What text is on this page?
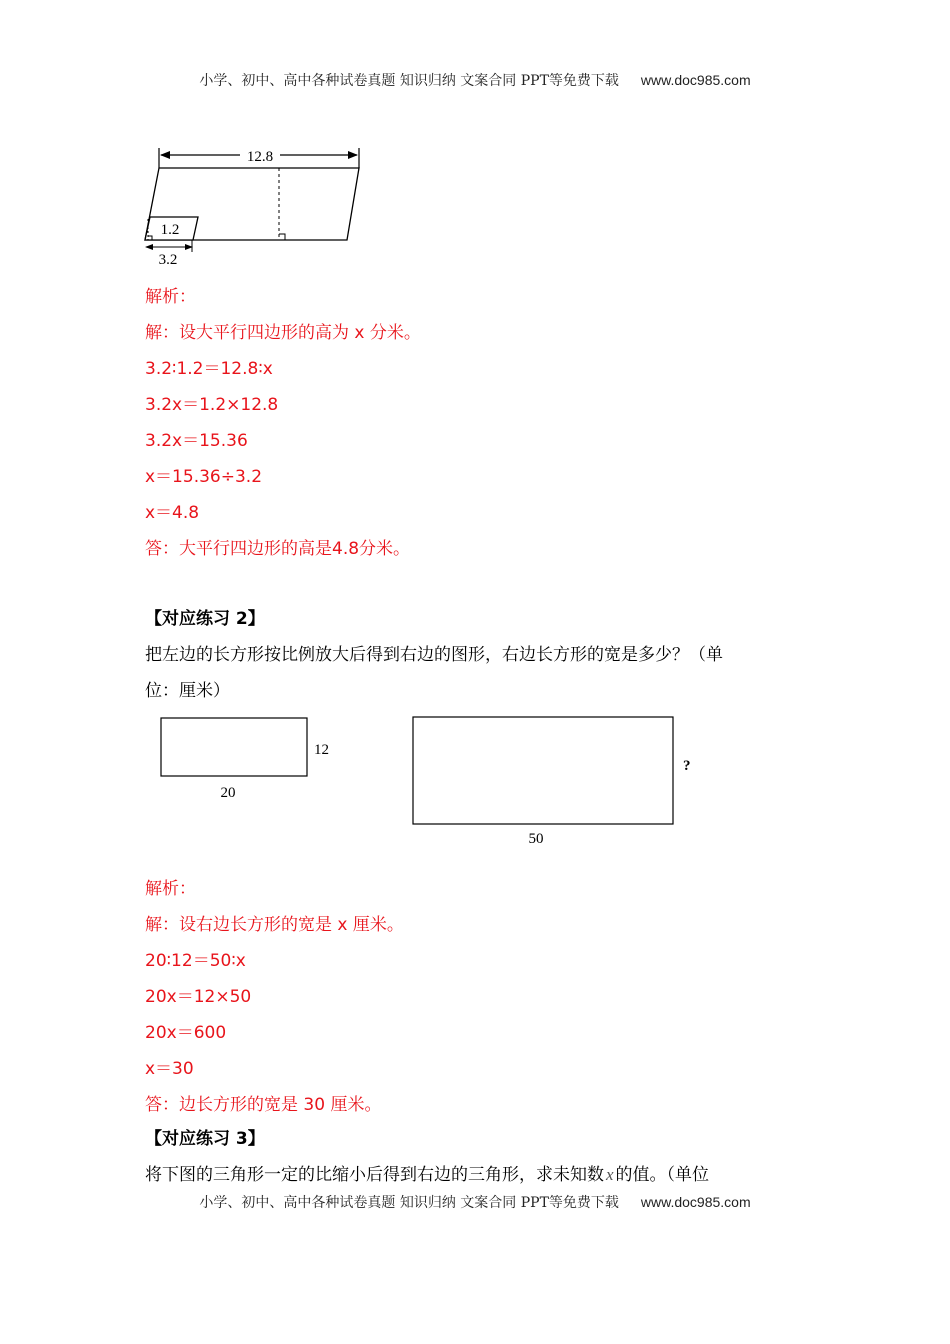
小学、初中、高中各种试卷真题 知识归纳 文案合同 PPT等免费下载 www.doc985.com
12.8
1.2
3.2
解析：
解：设大平行四边形的高为 x 分米。
3.2∶1.2＝12.8∶x
3.2x＝1.2×12.8
3.2x＝15.36
x＝15.36÷3.2
x＝4.8
答：大平行四边形的高是4.8分米。
【对应练习 2】
把左边的长方形按比例放大后得到右边的图形，右边长方形的宽是多少？（单
位：厘米）
12
20
?
50
解析：
解：设右边长方形的宽是 x 厘米。
20∶12＝50∶x
20x＝12×50
20x＝600
x＝30
答：边长方形的宽是 30 厘米。
【对应练习 3】
将下图的三角形一定的比缩小后得到右边的三角形，求未知数 x 的值。（单位
小学、初中、高中各种试卷真题 知识归纳 文案合同 PPT等免费下载 www.doc985.com
